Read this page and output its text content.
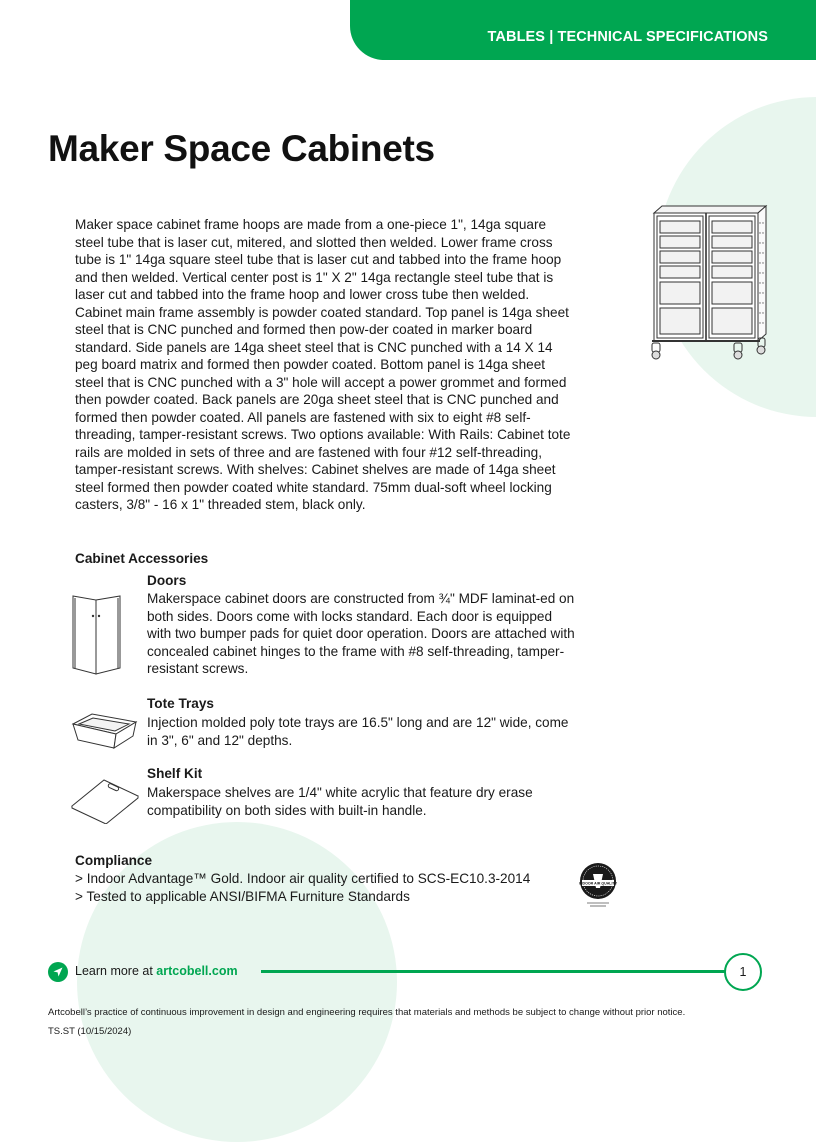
TABLES | TECHNICAL SPECIFICATIONS
Maker Space Cabinets

Maker space cabinet frame hoops are made from a one-piece 1", 14ga square steel tube that is laser cut, mitered, and slotted then welded. Lower frame cross tube is 1" 14ga square steel tube that is laser cut and tabbed into the frame hoop and then welded. Vertical center post is 1" X 2" 14ga rectangle steel tube that is laser cut and tabbed into the frame hoop and lower cross tube then welded. Cabinet main frame assembly is powder coated standard. Top panel is 14ga sheet steel that is CNC punched and formed then pow-der coated in marker board standard. Side panels are 14ga sheet steel that is CNC punched with a 14 X 14 peg board matrix and formed then powder coated. Bottom panel is 14ga sheet steel that is CNC punched with a 3" hole will accept a power grommet and formed then powder coated. Back panels are 20ga sheet steel that is CNC punched and formed then powder coated. All panels are fastened with six to eight #8 self-threading, tamper-resistant screws. Two options available: With Rails: Cabinet tote rails are molded in sets of three and are fastened with four #12 self-threading, tamper-resistant screws. With shelves: Cabinet shelves are made of 14ga sheet steel formed then powder coated white standard. 75mm dual-soft wheel locking casters, 3/8" - 16 x 1" threaded stem, black only.

Cabinet Accessories
Doors

Makerspace cabinet doors are constructed from ¾" MDF laminat-ed on both sides. Doors come with locks standard. Each door is equipped with two bumper pads for quiet door operation. Doors are attached with concealed cabinet hinges to the frame with #8 self-threading, tamper-resistant screws.

Tote Trays

Injection molded poly tote trays are 16.5" long and are 12" wide, come in 3", 6" and 12" depths.

Shelf Kit

Makerspace shelves are 1/4" white acrylic that feature dry erase compatibility on both sides with built-in handle.

Compliance
> Indoor Advantage™ Gold. Indoor air quality certified to SCS-EC10.3-2014
> Tested to applicable ANSI/BIFMA Furniture Standards
INDOOR AIR QUALITY
Learn more at artcobell.com	1
Artcobell’s practice of continuous improvement in design and engineering requires that materials and methods be subject to change without prior notice.
TS.ST (10/15/2024)
